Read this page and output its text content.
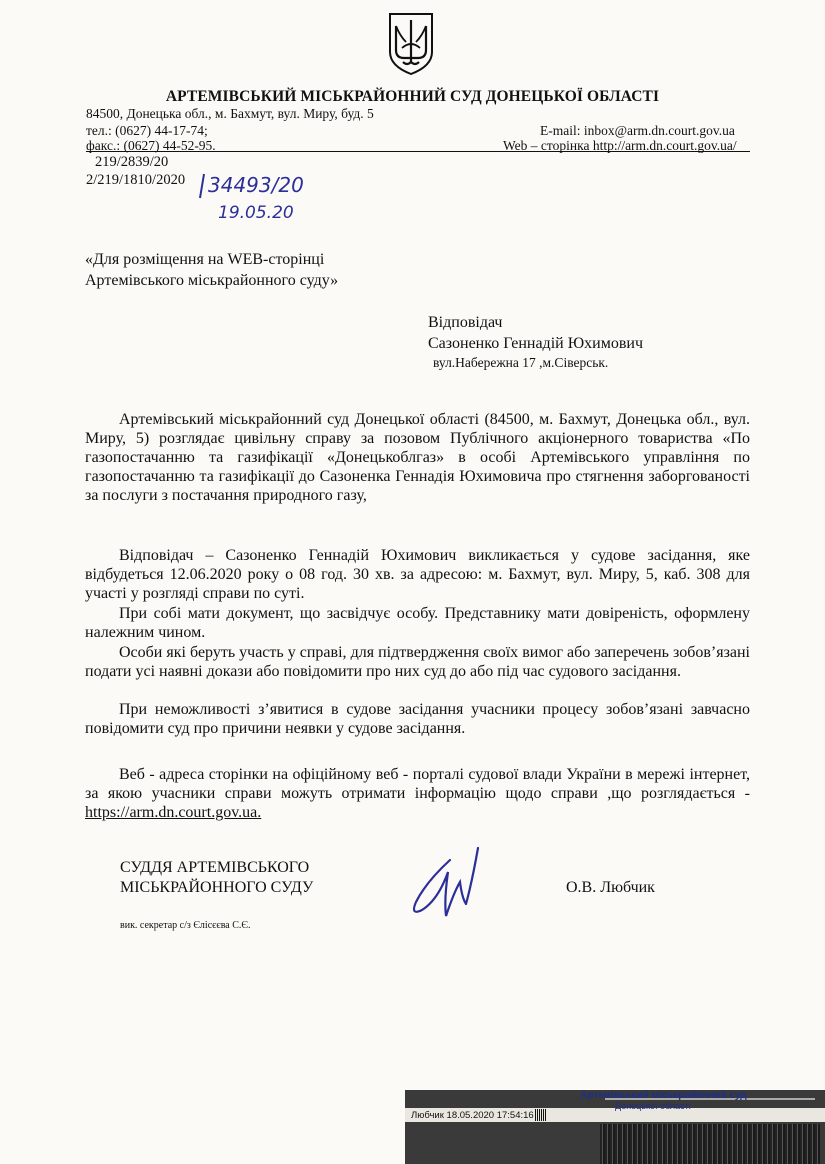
АРТЕМІВСЬКИЙ МІСЬКРАЙОННИЙ СУД ДОНЕЦЬКОЇ ОБЛАСТІ
84500, Донецька обл., м. Бахмут, вул. Миру, буд. 5
тел.: (0627) 44-17-74;
факс.: (0627) 44-52-95.
E-mail: inbox@arm.dn.court.gov.ua
Web – сторінка http://arm.dn.court.gov.ua/
219/2839/20
2/219/1810/2020 34493/20
19.05.20
«Для розміщення на WEB-сторінці
Артемівського міськрайонного суду»
Відповідач
Сазоненко Геннадій Юхимович
вул.Набережна 17 ,м.Сіверськ.
Артемівський міськрайонний суд Донецької області (84500, м. Бахмут, Донецька обл., вул. Миру, 5) розглядає цивільну справу за позовом Публічного акціонерного товариства «По газопостачанню та газифікації «Донецькоблгаз» в особі Артемівського управління по газопостачанню та газифікації до Сазоненка Геннадія Юхимовича про стягнення заборгованості за послуги з постачання природного газу,
Відповідач – Сазоненко Геннадій Юхимович викликається у судове засідання, яке відбудеться 12.06.2020 року о 08 год. 30 хв. за адресою: м. Бахмут, вул. Миру, 5, каб. 308 для участі у розгляді справи по суті.
При собі мати документ, що засвідчує особу. Представнику мати довіреність, оформлену належним чином.
Особи які беруть участь у справі, для підтвердження своїх вимог або заперечень зобов’язані подати усі наявні докази або повідомити про них суд до або під час судового засідання.
При неможливості з’явитися в судове засідання учасники процесу зобов’язані завчасно повідомити суд про причини неявки у судове засідання.
Веб - адреса сторінки на офіційному веб - порталі судової влади України в мережі інтернет, за якою учасники справи можуть отримати інформацію щодо справи ,що розглядається - https://arm.dn.court.gov.ua.
СУДДЯ АРТЕМІВСЬКОГО
МІСЬКРАЙОННОГО СУДУ	О.В. Любчик
вик. секретар с/з Єлісєєва С.Є.
Артемівський міськрайонний суд
Донецької області
Любчик 18.05.2020 17:54:16
